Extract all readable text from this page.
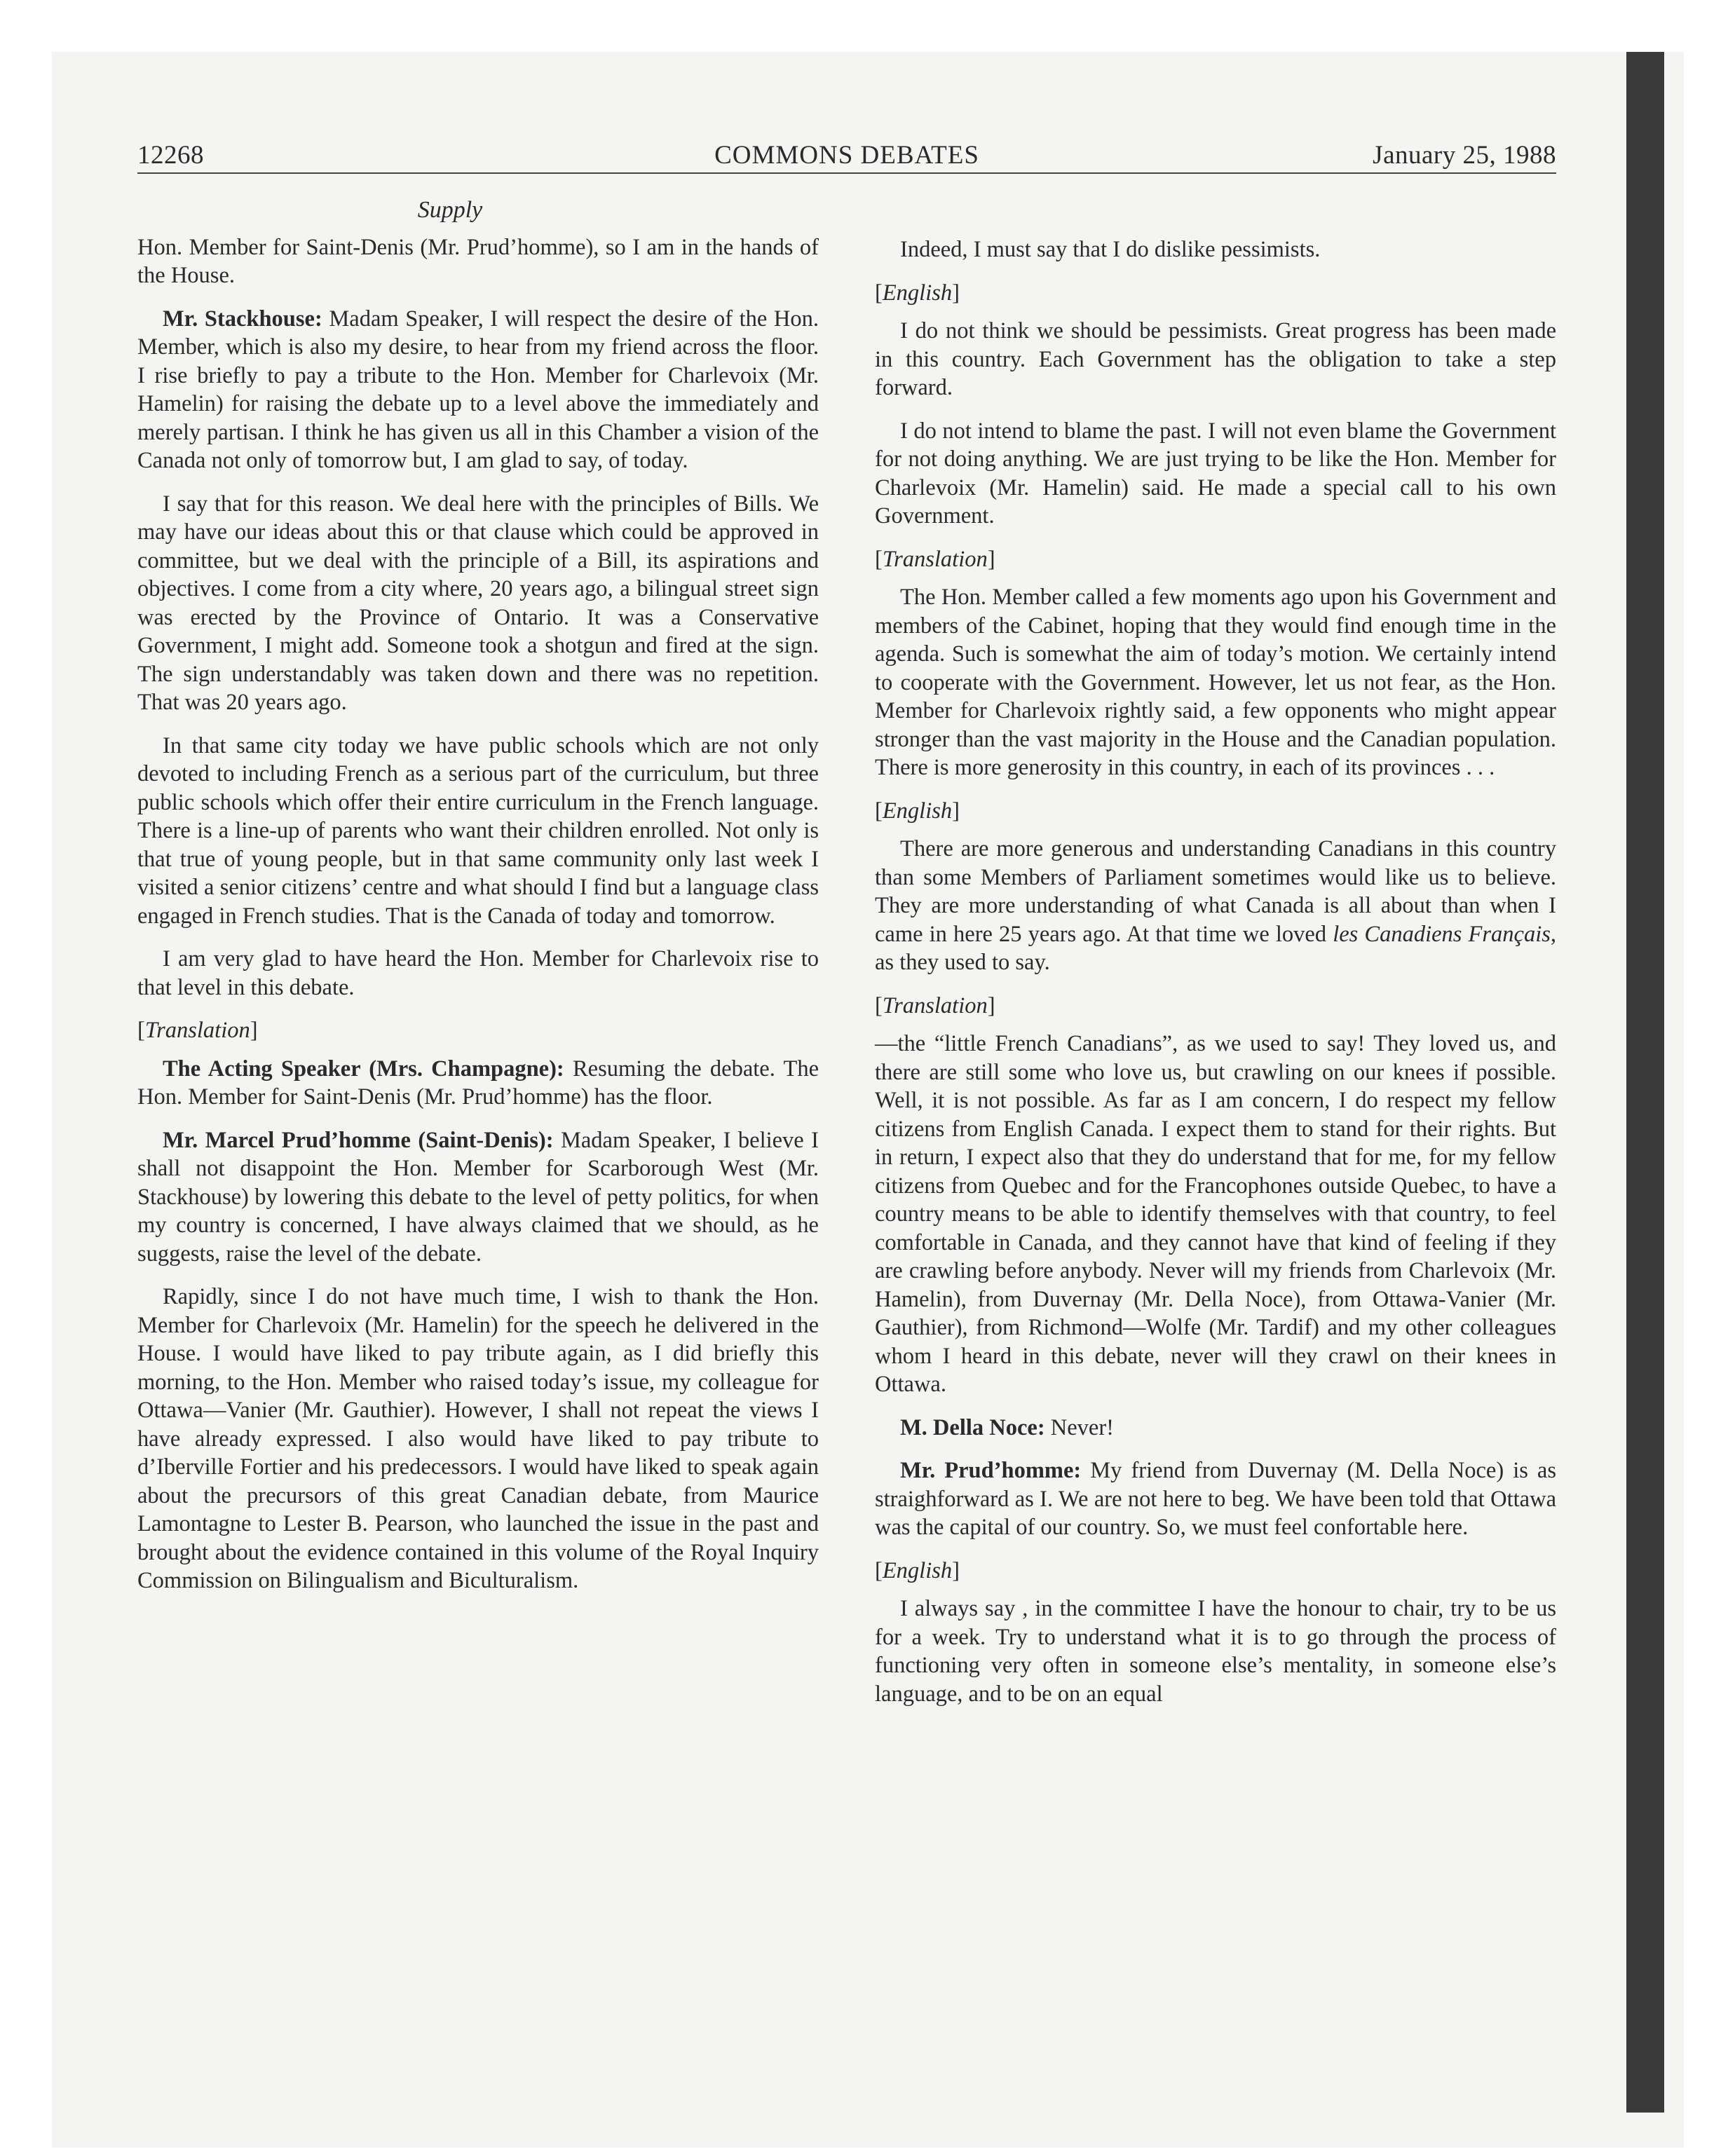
12268	COMMONS DEBATES	January 25, 1988
Supply

Hon. Member for Saint-Denis (Mr. Prud’homme), so I am in the hands of the House.

Mr. Stackhouse: Madam Speaker, I will respect the desire of the Hon. Member, which is also my desire, to hear from my friend across the floor. I rise briefly to pay a tribute to the Hon. Member for Charlevoix (Mr. Hamelin) for raising the debate up to a level above the immediately and merely partisan. I think he has given us all in this Chamber a vision of the Canada not only of tomorrow but, I am glad to say, of today.

I say that for this reason. We deal here with the principles of Bills. We may have our ideas about this or that clause which could be approved in committee, but we deal with the principle of a Bill, its aspirations and objectives. I come from a city where, 20 years ago, a bilingual street sign was erected by the Province of Ontario. It was a Conservative Government, I might add. Someone took a shotgun and fired at the sign. The sign understandably was taken down and there was no repetition. That was 20 years ago.

In that same city today we have public schools which are not only devoted to including French as a serious part of the curriculum, but three public schools which offer their entire curriculum in the French language. There is a line-up of parents who want their children enrolled. Not only is that true of young people, but in that same community only last week I visited a senior citizens’ centre and what should I find but a language class engaged in French studies. That is the Canada of today and tomorrow.

I am very glad to have heard the Hon. Member for Charlevoix rise to that level in this debate.

[Translation]

The Acting Speaker (Mrs. Champagne): Resuming the debate. The Hon. Member for Saint-Denis (Mr. Prud’homme) has the floor.

Mr. Marcel Prud’homme (Saint-Denis): Madam Speaker, I believe I shall not disappoint the Hon. Member for Scarborough West (Mr. Stackhouse) by lowering this debate to the level of petty politics, for when my country is concerned, I have always claimed that we should, as he suggests, raise the level of the debate.

Rapidly, since I do not have much time, I wish to thank the Hon. Member for Charlevoix (Mr. Hamelin) for the speech he delivered in the House. I would have liked to pay tribute again, as I did briefly this morning, to the Hon. Member who raised today’s issue, my colleague for Ottawa—Vanier (Mr. Gauthier). However, I shall not repeat the views I have already expressed. I also would have liked to pay tribute to d’Iberville Fortier and his predecessors. I would have liked to speak again about the precursors of this great Canadian debate, from Maurice Lamontagne to Lester B. Pearson, who launched the issue in the past and brought about the evidence contained in this volume of the Royal Inquiry Commission on Bilingualism and Biculturalism.

Indeed, I must say that I do dislike pessimists.

[English]

I do not think we should be pessimists. Great progress has been made in this country. Each Government has the obligation to take a step forward.

I do not intend to blame the past. I will not even blame the Government for not doing anything. We are just trying to be like the Hon. Member for Charlevoix (Mr. Hamelin) said. He made a special call to his own Government.

[Translation]

The Hon. Member called a few moments ago upon his Government and members of the Cabinet, hoping that they would find enough time in the agenda. Such is somewhat the aim of today’s motion. We certainly intend to cooperate with the Government. However, let us not fear, as the Hon. Member for Charlevoix rightly said, a few opponents who might appear stronger than the vast majority in the House and the Canadian population. There is more generosity in this country, in each of its provinces . . .

[English]

There are more generous and understanding Canadians in this country than some Members of Parliament sometimes would like us to believe. They are more understanding of what Canada is all about than when I came in here 25 years ago. At that time we loved les Canadiens Français, as they used to say.

[Translation]

—the “little French Canadians”, as we used to say! They loved us, and there are still some who love us, but crawling on our knees if possible. Well, it is not possible. As far as I am concern, I do respect my fellow citizens from English Canada. I expect them to stand for their rights. But in return, I expect also that they do understand that for me, for my fellow citizens from Quebec and for the Francophones outside Quebec, to have a country means to be able to identify themselves with that country, to feel comfortable in Canada, and they cannot have that kind of feeling if they are crawling before anybody. Never will my friends from Charlevoix (Mr. Hamelin), from Duvernay (Mr. Della Noce), from Ottawa-Vanier (Mr. Gauthier), from Richmond—Wolfe (Mr. Tardif) and my other colleagues whom I heard in this debate, never will they crawl on their knees in Ottawa.

M. Della Noce: Never!

Mr. Prud’homme: My friend from Duvernay (M. Della Noce) is as straighforward as I. We are not here to beg. We have been told that Ottawa was the capital of our country. So, we must feel confortable here.

[English]

I always say , in the committee I have the honour to chair, try to be us for a week. Try to understand what it is to go through the process of functioning very often in someone else’s mentality, in someone else’s language, and to be on an equal
